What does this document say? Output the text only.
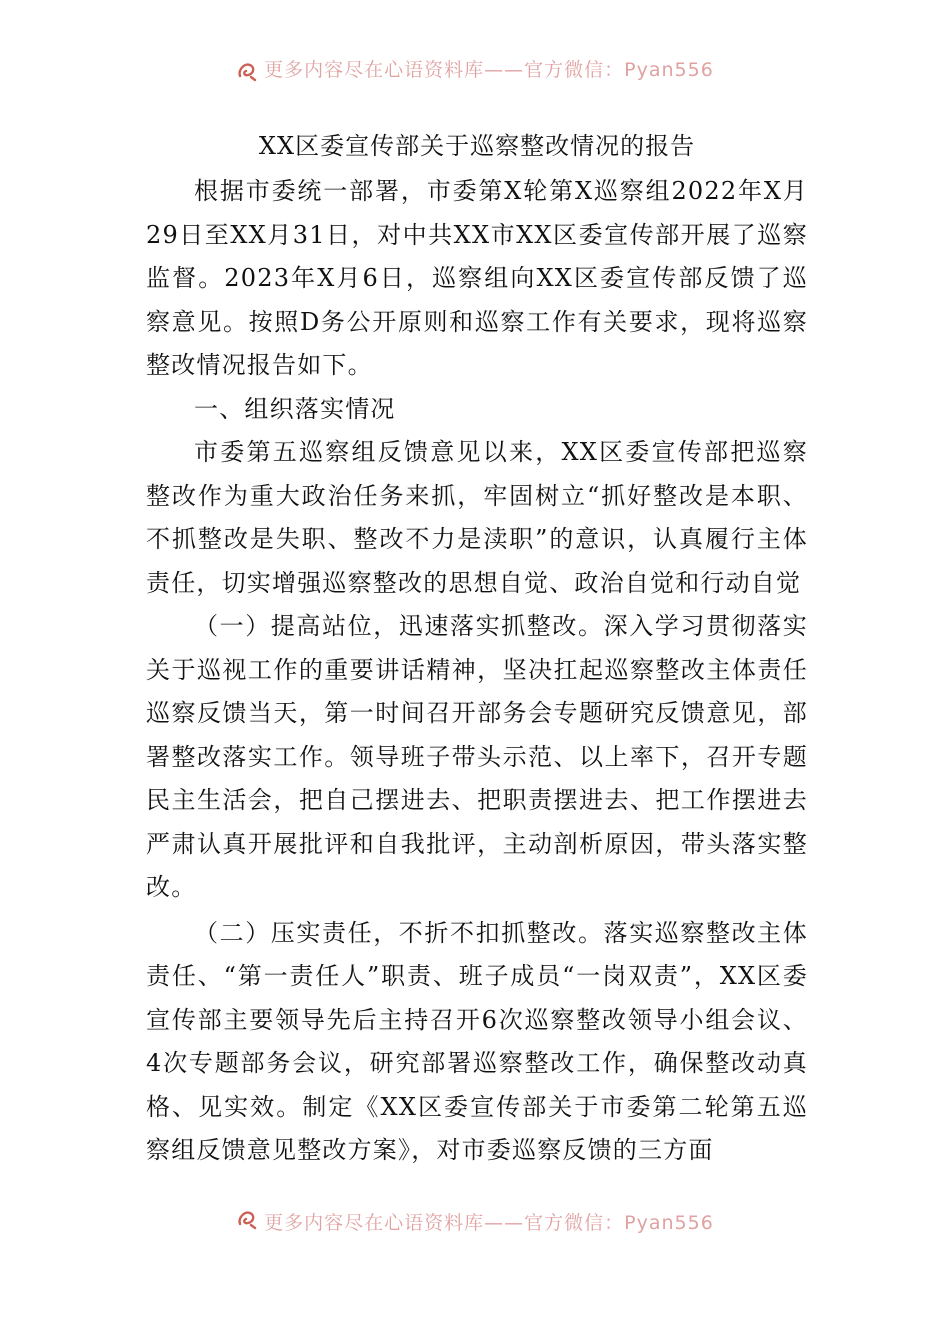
更多内容尽在心语资料库——官方微信：Pyan556
XX区委宣传部关于巡察整改情况的报告

根据市委统一部署，市委第X轮第X巡察组2022年X月29日至XX月31日，对中共XX市XX区委宣传部开展了巡察监督。2023年X月6日，巡察组向XX区委宣传部反馈了巡察意见。按照D务公开原则和巡察工作有关要求，现将巡察整改情况报告如下。

一、组织落实情况

市委第五巡察组反馈意见以来，XX区委宣传部把巡察整改作为重大政治任务来抓，牢固树立“抓好整改是本职、不抓整改是失职、整改不力是渎职”的意识，认真履行主体责任，切实增强巡察整改的思想自觉、政治自觉和行动自觉

（一）提高站位，迅速落实抓整改。深入学习贯彻落实关于巡视工作的重要讲话精神，坚决扛起巡察整改主体责任巡察反馈当天，第一时间召开部务会专题研究反馈意见，部署整改落实工作。领导班子带头示范、以上率下，召开专题民主生活会，把自己摆进去、把职责摆进去、把工作摆进去严肃认真开展批评和自我批评，主动剖析原因，带头落实整改。

（二）压实责任，不折不扣抓整改。落实巡察整改主体责任、“第一责任人”职责、班子成员“一岗双责”，XX区委宣传部主要领导先后主持召开6次巡察整改领导小组会议、4次专题部务会议，研究部署巡察整改工作，确保整改动真格、见实效。制定《XX区委宣传部关于市委第二轮第五巡察组反馈意见整改方案》，对市委巡察反馈的三方面

更多内容尽在心语资料库——官方微信：Pyan556
